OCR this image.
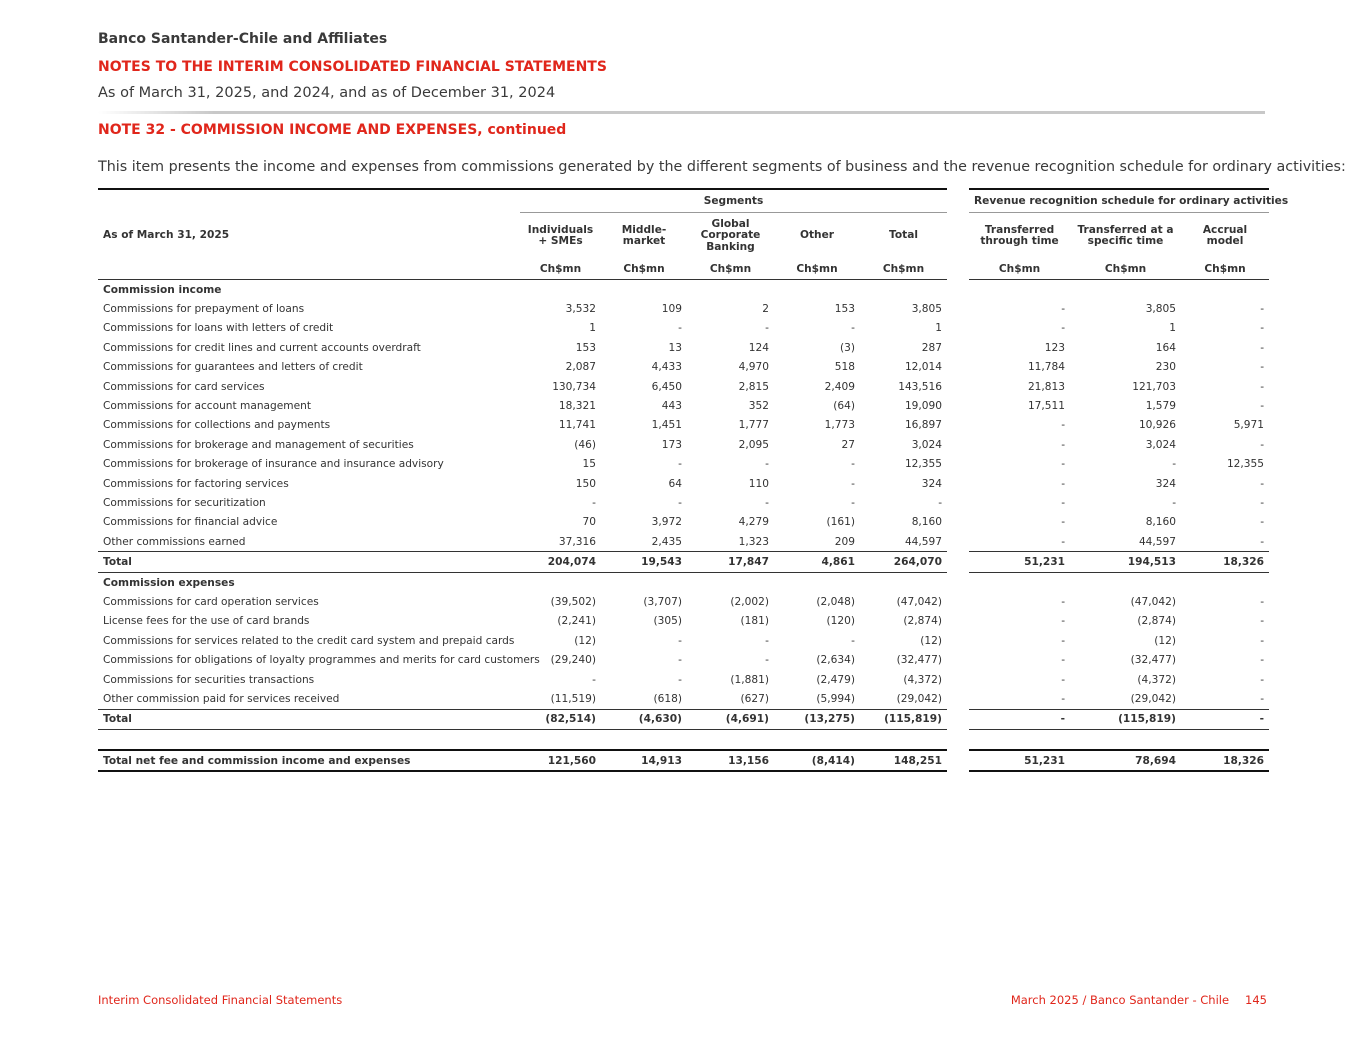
Banco Santander-Chile and Affiliates
NOTES TO THE INTERIM CONSOLIDATED FINANCIAL STATEMENTS
As of March 31, 2025, and 2024, and as of December 31, 2024
NOTE 32 - COMMISSION INCOME AND EXPENSES, continued
This item presents the income and expenses from commissions generated by the different segments of business and the revenue recognition schedule for ordinary activities:
	Segments						Revenue recognition schedule for ordinary activities		
As of March 31, 2025	Individuals + SMEs	Middle-market	Global Corporate Banking	Other	Total		Transferred through time	Transferred at a specific time	Accrual model
	Ch$mn	Ch$mn	Ch$mn	Ch$mn	Ch$mn		Ch$mn	Ch$mn	Ch$mn
Commission income									
Commissions for prepayment of loans	3,532	109	2	153	3,805		-	3,805	-
Commissions for loans with letters of credit	1	-	-	-	1		-	1	-
Commissions for credit lines and current accounts overdraft	153	13	124	(3)	287		123	164	-
Commissions for guarantees and letters of credit	2,087	4,433	4,970	518	12,014		11,784	230	-
Commissions for card services	130,734	6,450	2,815	2,409	143,516		21,813	121,703	-
Commissions for account management	18,321	443	352	(64)	19,090		17,511	1,579	-
Commissions for collections and payments	11,741	1,451	1,777	1,773	16,897		-	10,926	5,971
Commissions for brokerage and management of securities	(46)	173	2,095	27	3,024		-	3,024	-
Commissions for brokerage of insurance and insurance advisory	15	-	-	-	12,355		-	-	12,355
Commissions for factoring services	150	64	110	-	324		-	324	-
Commissions for securitization	-	-	-	-	-		-	-	-
Commissions for financial advice	70	3,972	4,279	(161)	8,160		-	8,160	-
Other commissions earned	37,316	2,435	1,323	209	44,597		-	44,597	-
Total	204,074	19,543	17,847	4,861	264,070		51,231	194,513	18,326
Commission expenses									
Commissions for card operation services	(39,502)	(3,707)	(2,002)	(2,048)	(47,042)		-	(47,042)	-
License fees for the use of card brands	(2,241)	(305)	(181)	(120)	(2,874)		-	(2,874)	-
Commissions for services related to the credit card system and prepaid cards	(12)	-	-	-	(12)		-	(12)	-
Commissions for obligations of loyalty programmes and merits for card customers	(29,240)	-	-	(2,634)	(32,477)		-	(32,477)	-
Commissions for securities transactions	-	-	(1,881)	(2,479)	(4,372)		-	(4,372)	-
Other commission paid for services received	(11,519)	(618)	(627)	(5,994)	(29,042)		-	(29,042)	-
Total	(82,514)	(4,630)	(4,691)	(13,275)	(115,819)		-	(115,819)	-

Total net fee and commission income and expenses	121,560	14,913	13,156	(8,414)	148,251		51,231	78,694	18,326
Interim Consolidated Financial Statements	March 2025 / Banco Santander - Chile 145
